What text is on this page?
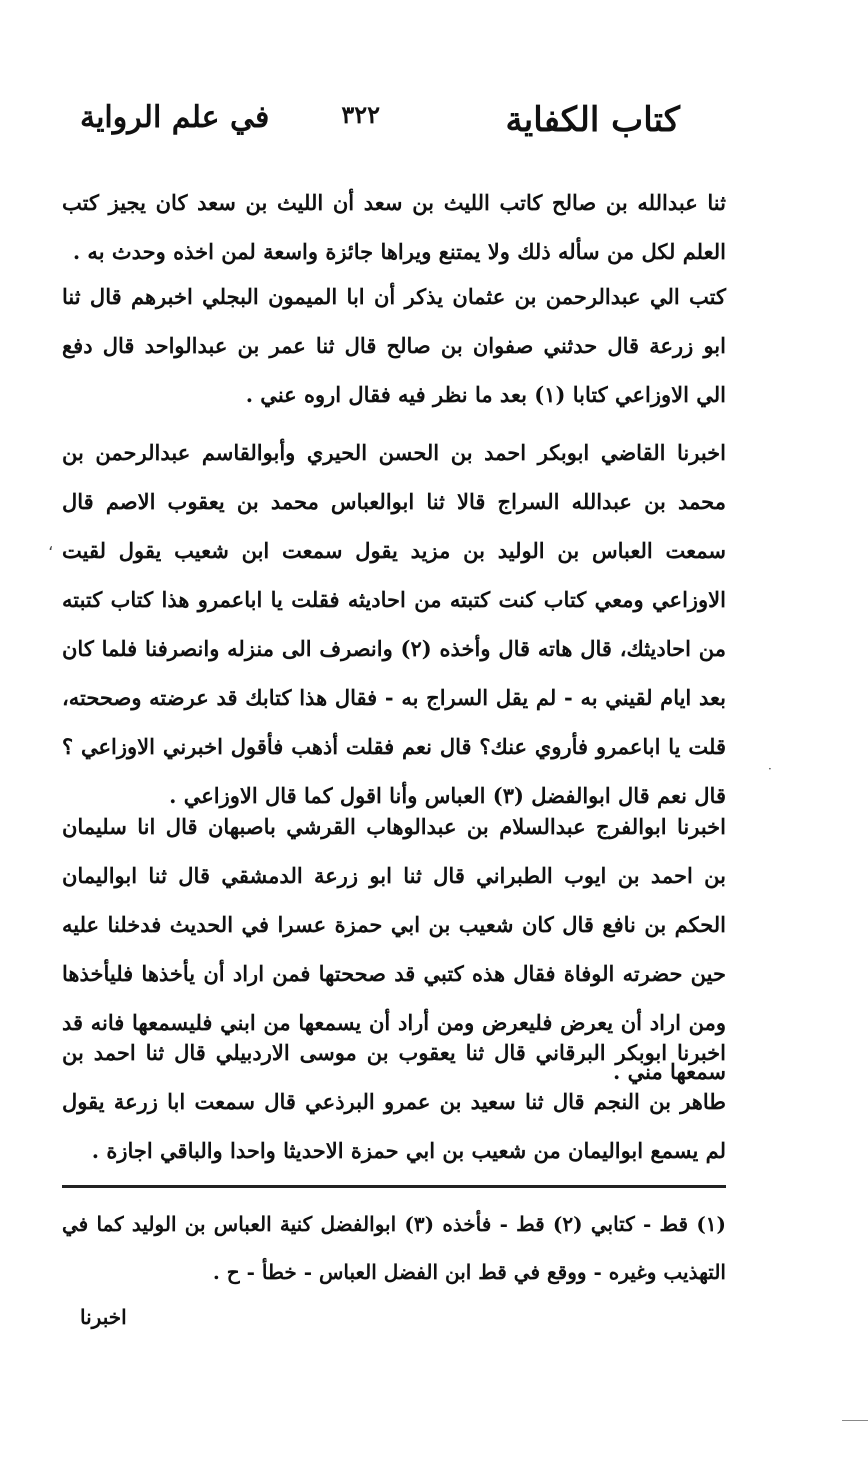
كتاب الكفاية
٣٢٢
في علم الرواية

ثنا عبدالله بن صالح كاتب الليث بن سعد أن الليث بن سعد كان يجيز كتب العلم لكل من سأله ذلك ولا يمتنع ويراها جائزة واسعة لمن اخذه وحدث به .

كتب الي عبدالرحمن بن عثمان يذكر أن ابا الميمون البجلي اخبرهم قال ثنا ابو زرعة قال حدثني صفوان بن صالح قال ثنا عمر بن عبدالواحد قال دفع الي الاوزاعي كتابا (١) بعد ما نظر فيه فقال اروه عني .

اخبرنا القاضي ابوبكر احمد بن الحسن الحيري وأبوالقاسم عبدالرحمن بن محمد بن عبدالله السراج قالا ثنا ابوالعباس محمد بن يعقوب الاصم قال سمعت العباس بن الوليد بن مزيد يقول سمعت ابن شعيب يقول لقيت الاوزاعي ومعي كتاب كنت كتبته من احاديثه فقلت يا اباعمرو هذا كتاب كتبته من احاديثك، قال هاته قال وأخذه (٢) وانصرف الى منزله وانصرفنا فلما كان بعد ايام لقيني به - لم يقل السراج به - فقال هذا كتابك قد عرضته وصححته، قلت يا اباعمرو فأروي عنك؟ قال نعم فقلت أذهب فأقول اخبرني الاوزاعي ؟ قال نعم قال ابوالفضل (٣) العباس وأنا اقول كما قال الاوزاعي .

اخبرنا ابوالفرج عبدالسلام بن عبدالوهاب القرشي باصبهان قال انا سليمان بن احمد بن ايوب الطبراني قال ثنا ابو زرعة الدمشقي قال ثنا ابواليمان الحكم بن نافع قال كان شعيب بن ابي حمزة عسرا في الحديث فدخلنا عليه حين حضرته الوفاة فقال هذه كتبي قد صححتها فمن اراد أن يأخذها فليأخذها ومن اراد أن يعرض فليعرض ومن أراد أن يسمعها من ابني فليسمعها فانه قد سمعها مني .

اخبرنا ابوبكر البرقاني قال ثنا يعقوب بن موسى الاردبيلي قال ثنا احمد بن طاهر بن النجم قال ثنا سعيد بن عمرو البرذعي قال سمعت ابا زرعة يقول لم يسمع ابواليمان من شعيب بن ابي حمزة الاحديثا واحدا والباقي اجازة .

(١) قط - كتابي (٢) قط - فأخذه (٣) ابوالفضل كنية العباس بن الوليد كما في التهذيب وغيره - ووقع في قط ابن الفضل العباس - خطأ - ح .

اخبرنا
،
·
